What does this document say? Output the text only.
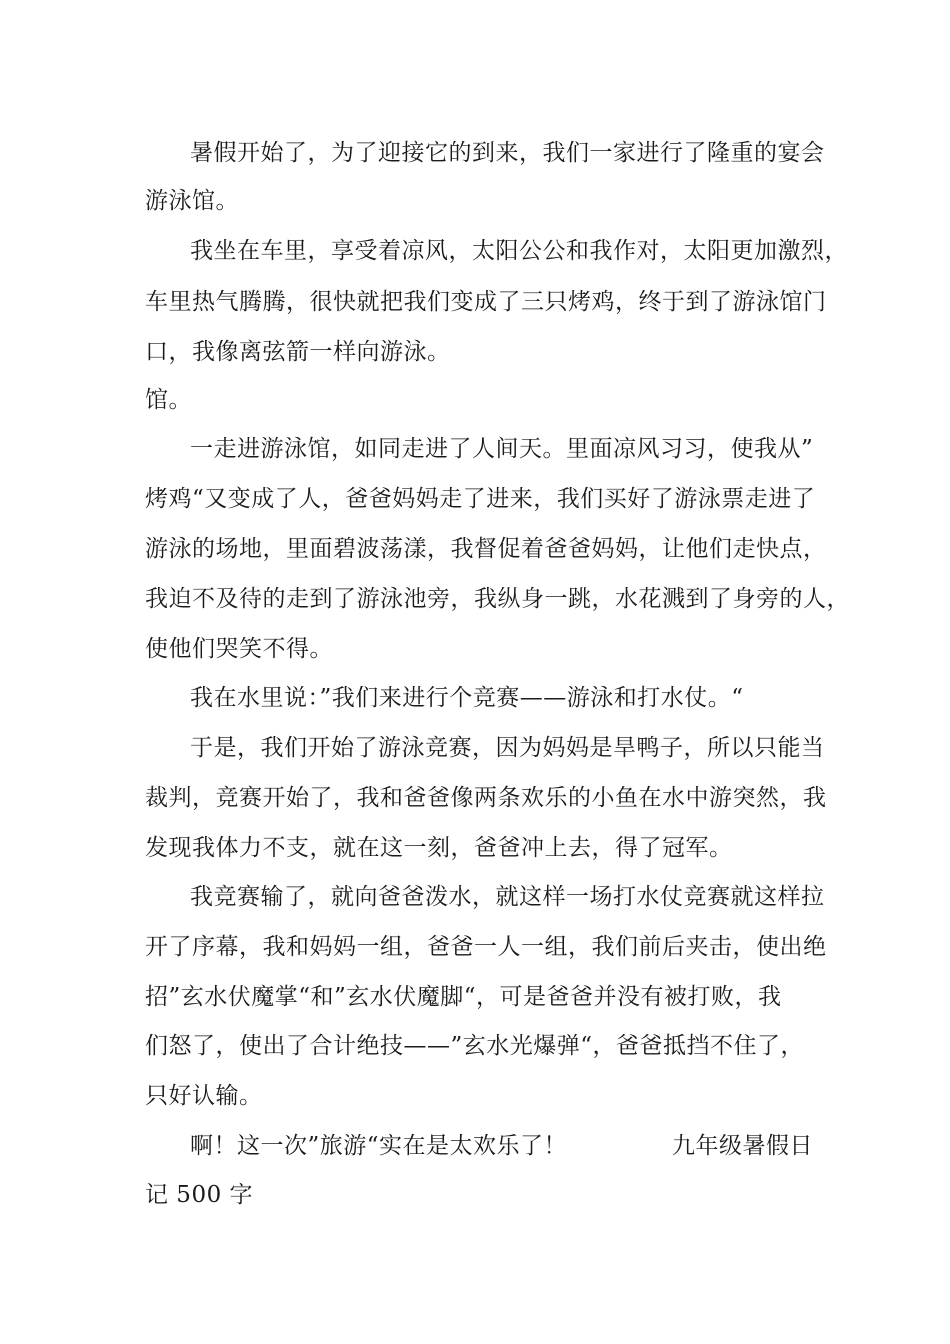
暑假开始了，为了迎接它的到来，我们一家进行了隆重的宴会
游泳馆。
我坐在车里，享受着凉风，太阳公公和我作对，太阳更加激烈，
车里热气腾腾，很快就把我们变成了三只烤鸡，终于到了游泳馆门
口，我像离弦箭一样向游泳。
馆。
一走进游泳馆，如同走进了人间天。里面凉风习习，使我从”
烤鸡“又变成了人，爸爸妈妈走了进来，我们买好了游泳票走进了
游泳的场地，里面碧波荡漾，我督促着爸爸妈妈，让他们走快点，
我迫不及待的走到了游泳池旁，我纵身一跳，水花溅到了身旁的人，
使他们哭笑不得。
我在水里说：”我们来进行个竞赛——游泳和打水仗。“
于是，我们开始了游泳竞赛，因为妈妈是旱鸭子，所以只能当
裁判，竞赛开始了，我和爸爸像两条欢乐的小鱼在水中游突然，我
发现我体力不支，就在这一刻，爸爸冲上去，得了冠军。
我竞赛输了，就向爸爸泼水，就这样一场打水仗竞赛就这样拉
开了序幕，我和妈妈一组，爸爸一人一组，我们前后夹击，使出绝
招”玄水伏魔掌“和”玄水伏魔脚“，可是爸爸并没有被打败，我
们怒了，使出了合计绝技——”玄水光爆弹“，爸爸抵挡不住了，
只好认输。
啊！这一次”旅游“实在是太欢乐了！	九年级暑假日
记 500 字
